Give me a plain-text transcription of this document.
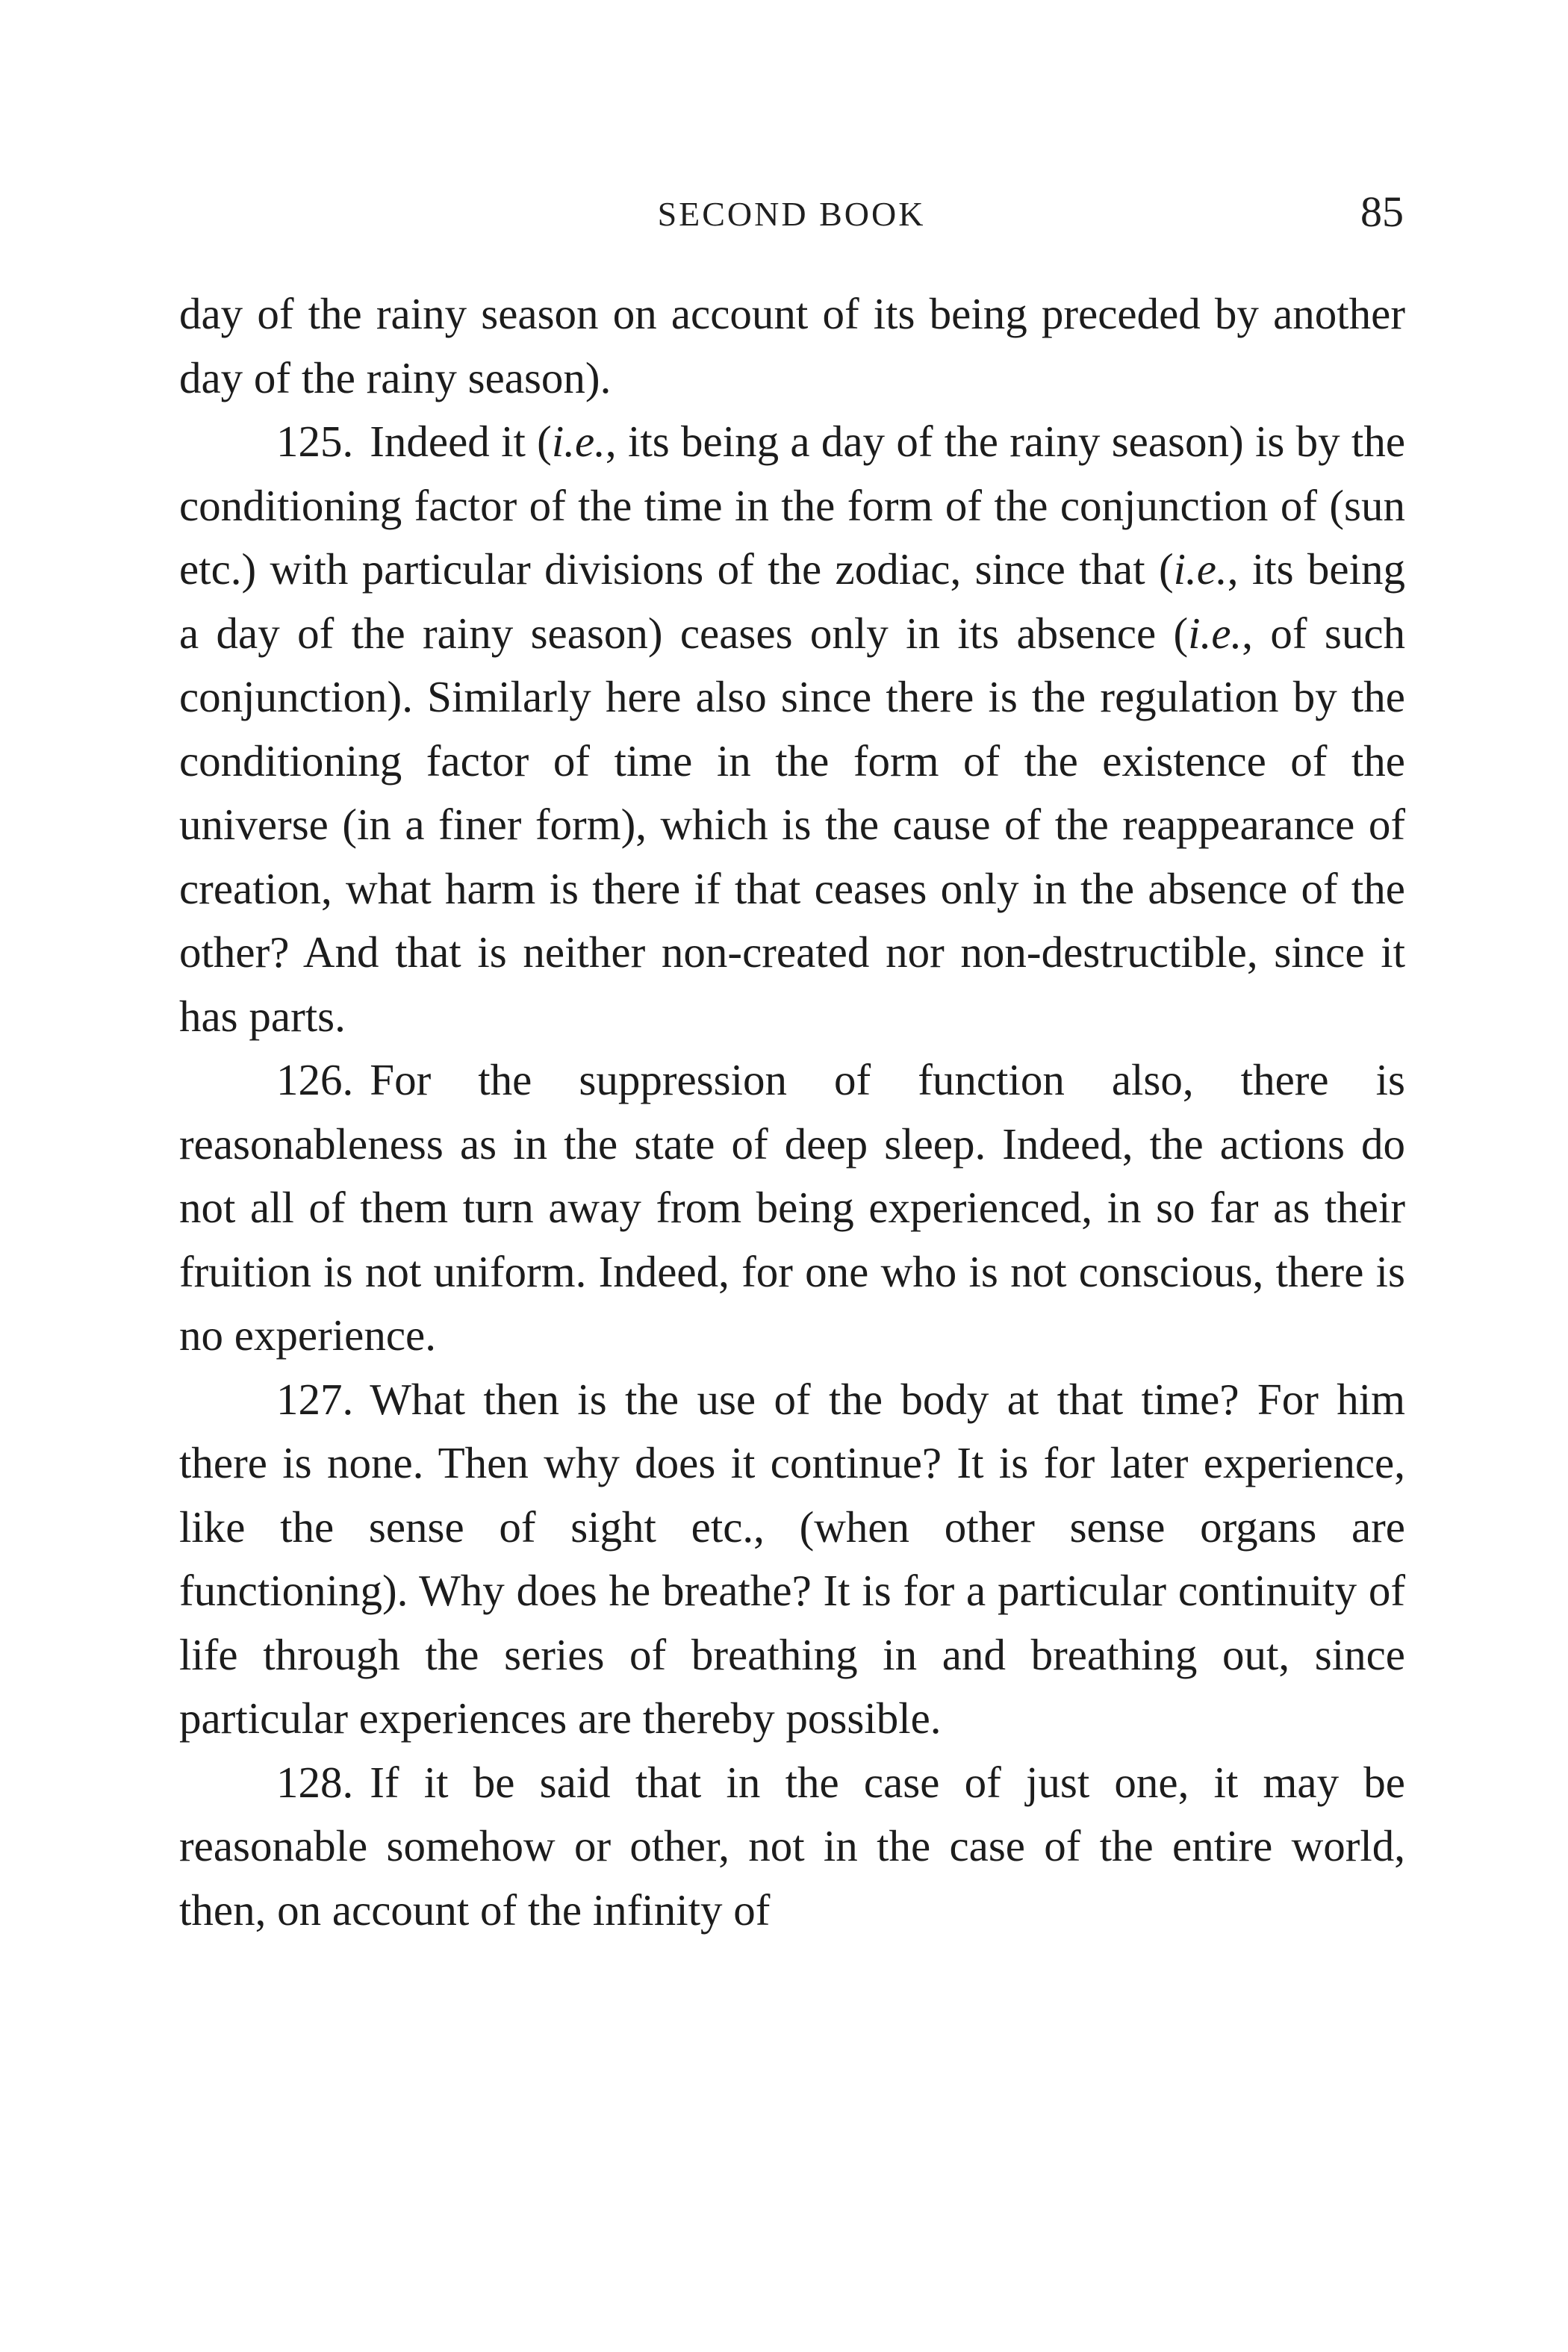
SECOND BOOK	85

day of the rainy season on account of its being preceded by another day of the rainy season).

125. Indeed it (i.e., its being a day of the rainy season) is by the conditioning factor of the time in the form of the conjunction of (sun etc.) with particular divisions of the zodiac, since that (i.e., its being a day of the rainy season) ceases only in its absence (i.e., of such conjunction). Similarly here also since there is the regulation by the conditioning factor of time in the form of the existence of the universe (in a finer form), which is the cause of the reappearance of creation, what harm is there if that ceases only in the absence of the other? And that is neither non-created nor non-destructible, since it has parts.

126. For the suppression of function also, there is reasonableness as in the state of deep sleep. Indeed, the actions do not all of them turn away from being experienced, in so far as their fruition is not uniform. Indeed, for one who is not conscious, there is no experience.

127. What then is the use of the body at that time? For him there is none. Then why does it continue? It is for later experience, like the sense of sight etc., (when other sense organs are functioning). Why does he breathe? It is for a particular continuity of life through the series of breathing in and breathing out, since particular experiences are thereby possible.

128. If it be said that in the case of just one, it may be reasonable somehow or other, not in the case of the entire world, then, on account of the infinity of
